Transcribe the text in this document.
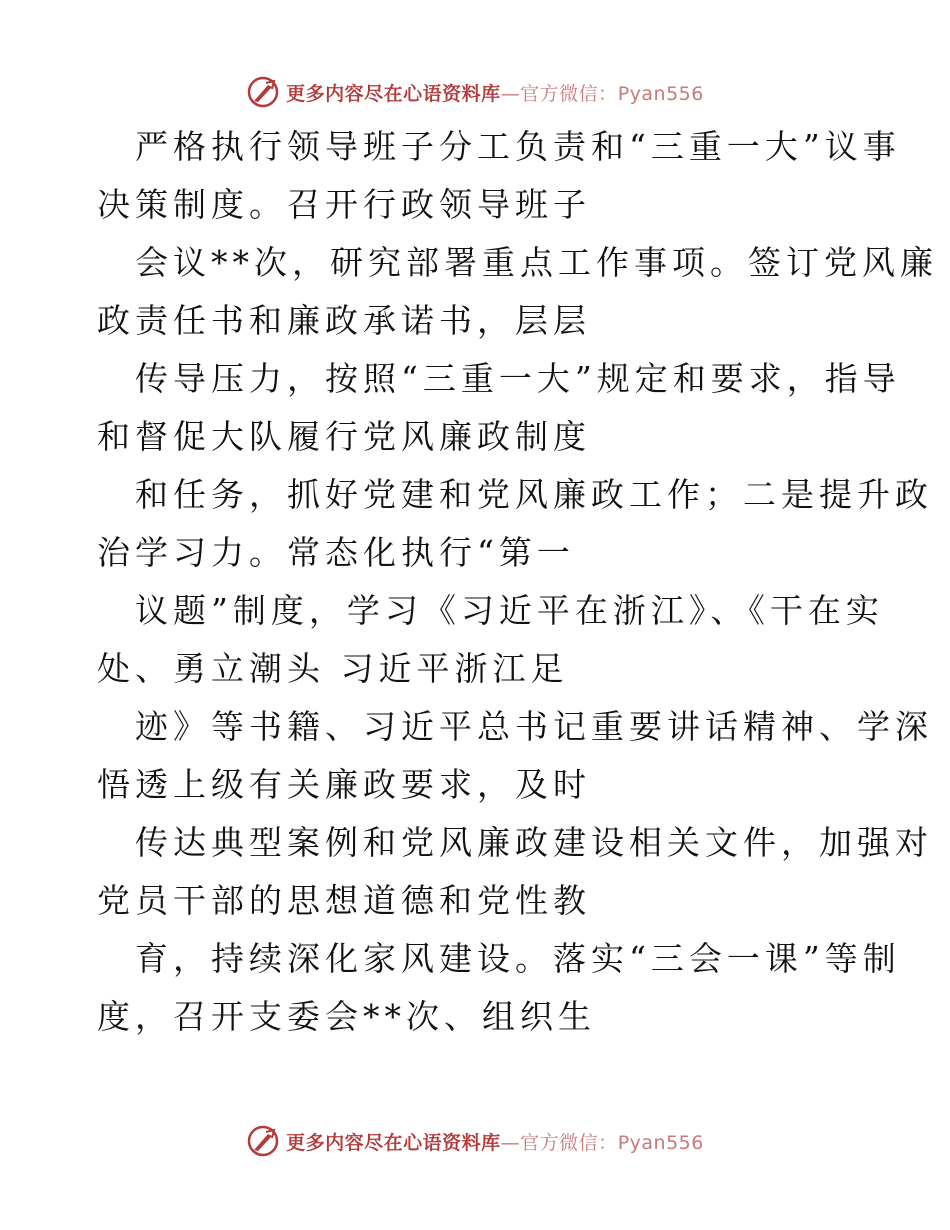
更多内容尽在心语资料库—官方微信：Pyan556

严格执行领导班子分工负责和“三重一大”议事
决策制度。召开行政领导班子

会议**次，研究部署重点工作事项。签订党风廉
政责任书和廉政承诺书，层层

传导压力，按照“三重一大”规定和要求，指导
和督促大队履行党风廉政制度

和任务，抓好党建和党风廉政工作；二是提升政
治学习力。常态化执行“第一

议题”制度，学习《习近平在浙江》、《干在实
处、勇立潮头 习近平浙江足

迹》等书籍、习近平总书记重要讲话精神、学深
悟透上级有关廉政要求，及时

传达典型案例和党风廉政建设相关文件，加强对
党员干部的思想道德和党性教

育，持续深化家风建设。落实“三会一课”等制
度，召开支委会**次、组织生

更多内容尽在心语资料库—官方微信：Pyan556
